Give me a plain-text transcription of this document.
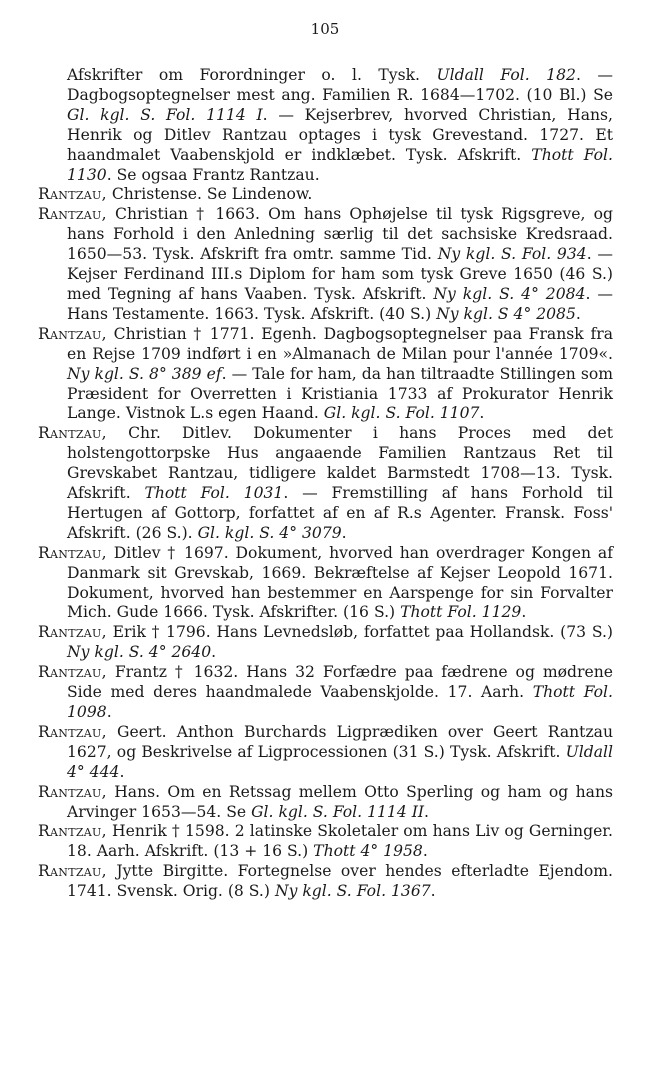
105

Afskrifter om Forordninger o. l. Tysk. Uldall Fol. 182. — Dagbogsoptegnelser mest ang. Familien R. 1684—1702. (10 Bl.) Se Gl. kgl. S. Fol. 1114 I. — Kejserbrev, hvorved Christian, Hans, Henrik og Ditlev Rantzau optages i tysk Grevestand. 1727. Et haandmalet Vaabenskjold er indklæbet. Tysk. Afskrift. Thott Fol. 1130. Se ogsaa Frantz Rantzau.

Rantzau, Christense. Se Lindenow.

Rantzau, Christian † 1663. Om hans Ophøjelse til tysk Rigsgreve, og hans Forhold i den Anledning særlig til det sachsiske Kredsraad. 1650—53. Tysk. Afskrift fra omtr. samme Tid. Ny kgl. S. Fol. 934. — Kejser Ferdinand III.s Diplom for ham som tysk Greve 1650 (46 S.) med Tegning af hans Vaaben. Tysk. Afskrift. Ny kgl. S. 4° 2084. — Hans Testamente. 1663. Tysk. Afskrift. (40 S.) Ny kgl. S 4° 2085.

Rantzau, Christian † 1771. Egenh. Dagbogsoptegnelser paa Fransk fra en Rejse 1709 indført i en »Almanach de Milan pour l'année 1709«. Ny kgl. S. 8° 389 ef. — Tale for ham, da han tiltraadte Stillingen som Præsident for Overretten i Kristiania 1733 af Prokurator Henrik Lange. Vistnok L.s egen Haand. Gl. kgl. S. Fol. 1107.

Rantzau, Chr. Ditlev. Dokumenter i hans Proces med det holstengottorpske Hus angaaende Familien Rantzaus Ret til Grevskabet Rantzau, tidligere kaldet Barmstedt 1708—13. Tysk. Afskrift. Thott Fol. 1031. — Fremstilling af hans Forhold til Hertugen af Gottorp, forfattet af en af R.s Agenter. Fransk. Foss' Afskrift. (26 S.). Gl. kgl. S. 4° 3079.

Rantzau, Ditlev † 1697. Dokument, hvorved han overdrager Kongen af Danmark sit Grevskab, 1669. Bekræftelse af Kejser Leopold 1671. Dokument, hvorved han bestemmer en Aarspenge for sin Forvalter Mich. Gude 1666. Tysk. Afskrifter. (16 S.) Thott Fol. 1129.

Rantzau, Erik † 1796. Hans Levnedsløb, forfattet paa Hollandsk. (73 S.) Ny kgl. S. 4° 2640.

Rantzau, Frantz † 1632. Hans 32 Forfædre paa fædrene og mødrene Side med deres haandmalede Vaabenskjolde. 17. Aarh. Thott Fol. 1098.

Rantzau, Geert. Anthon Burchards Ligprædiken over Geert Rantzau 1627, og Beskrivelse af Ligprocessionen (31 S.) Tysk. Afskrift. Uldall 4° 444.

Rantzau, Hans. Om en Retssag mellem Otto Sperling og ham og hans Arvinger 1653—54. Se Gl. kgl. S. Fol. 1114 II.

Rantzau, Henrik † 1598. 2 latinske Skoletaler om hans Liv og Gerninger. 18. Aarh. Afskrift. (13 + 16 S.) Thott 4° 1958.

Rantzau, Jytte Birgitte. Fortegnelse over hendes efterladte Ejendom. 1741. Svensk. Orig. (8 S.) Ny kgl. S. Fol. 1367.
